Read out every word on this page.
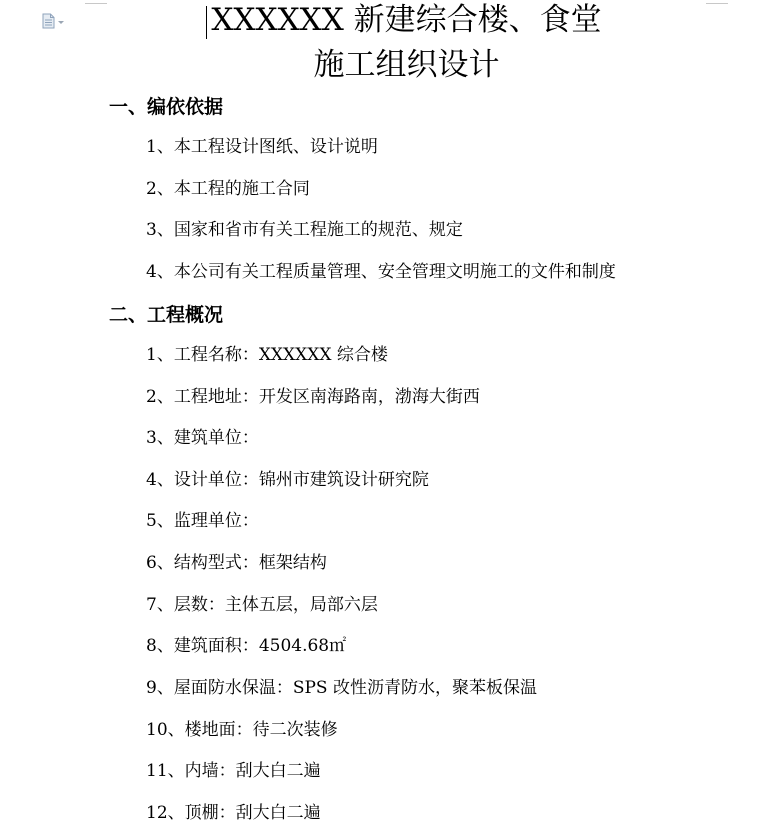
XXXXXX 新建综合楼、食堂
施工组织设计
一、编依依据
1、本工程设计图纸、设计说明
2、本工程的施工合同
3、国家和省市有关工程施工的规范、规定
4、本公司有关工程质量管理、安全管理文明施工的文件和制度
二、工程概况
1、工程名称：XXXXXX 综合楼
2、工程地址：开发区南海路南，渤海大街西
3、建筑单位：
4、设计单位：锦州市建筑设计研究院
5、监理单位：
6、结构型式：框架结构
7、层数：主体五层，局部六层
8、建筑面积：4504.68㎡
9、屋面防水保温：SPS 改性沥青防水，聚苯板保温
10、楼地面：待二次装修
11、内墙：刮大白二遍
12、顶棚：刮大白二遍
